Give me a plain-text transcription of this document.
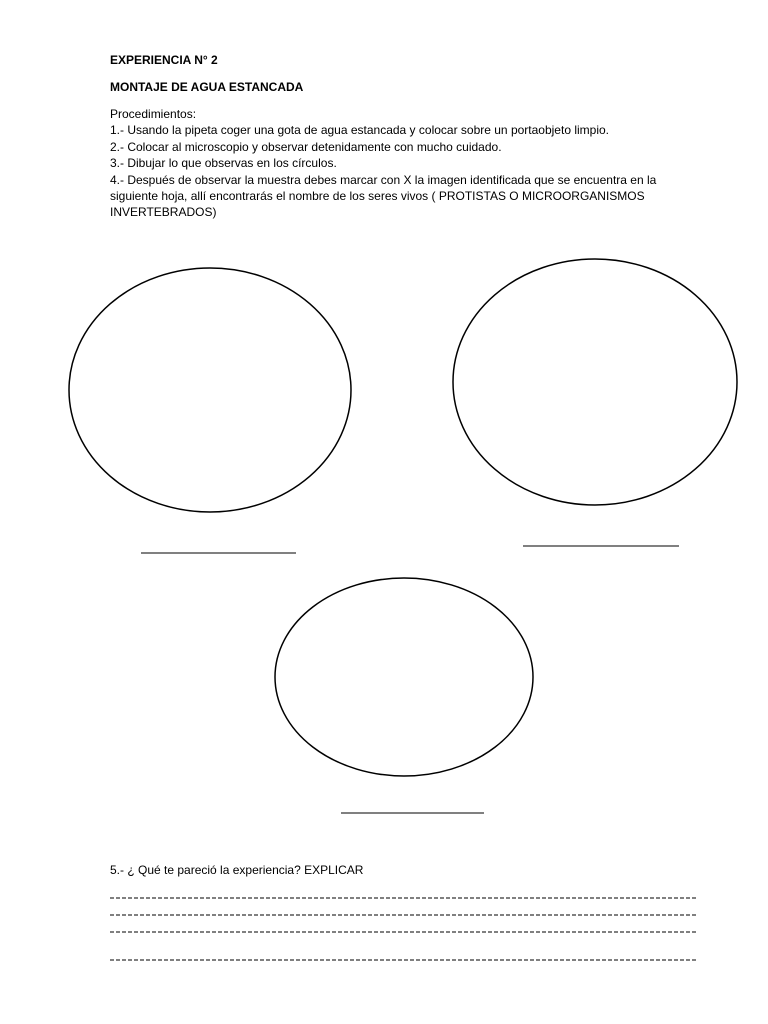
EXPERIENCIA N° 2
MONTAJE DE AGUA ESTANCADA
Procedimientos:
1.- Usando la pipeta coger una gota de agua estancada y colocar sobre un portaobjeto limpio.
2.- Colocar al microscopio y observar detenidamente con mucho cuidado.
3.- Dibujar lo que observas en los círculos.
4.- Después de observar la muestra debes marcar con X la imagen identificada que se encuentra en la
siguiente hoja, allí encontrarás el nombre de los seres vivos ( PROTISTAS O MICROORGANISMOS
INVERTEBRADOS)
5.- ¿ Qué te pareció la experiencia? EXPLICAR
